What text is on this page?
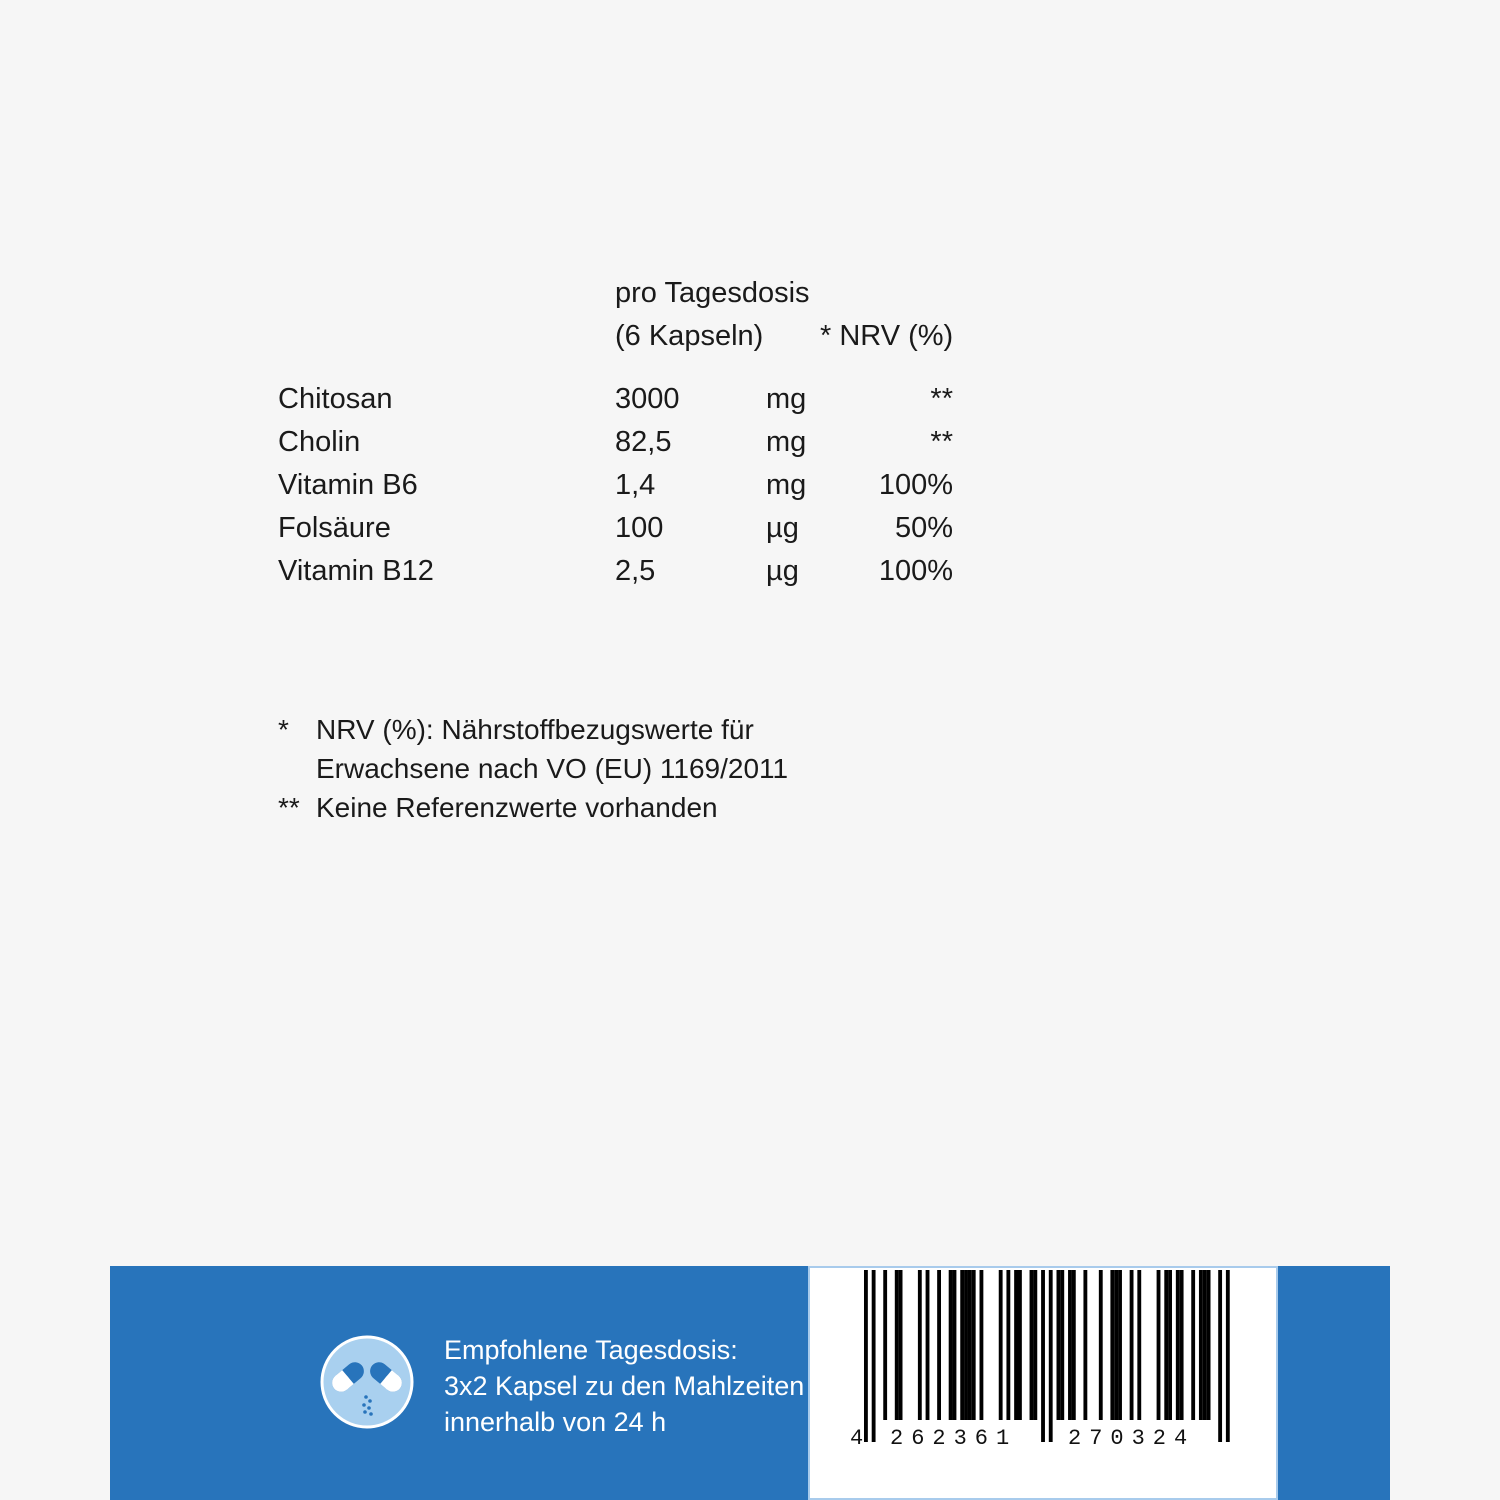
pro Tagesdosis
(6 Kapseln) * NRV (%)
Chitosan	3000	mg	**
Cholin	82,5	mg	**
Vitamin B6	1,4	mg	100%
Folsäure	100	µg	50%
Vitamin B12	2,5	µg	100%
* NRV (%): Nährstoffbezugswerte für
Erwachsene nach VO (EU) 1169/2011
** Keine Referenzwerte vorhanden
Empfohlene Tagesdosis:
3x2 Kapsel zu den Mahlzeiten
innerhalb von 24 h
4 262361 270324
